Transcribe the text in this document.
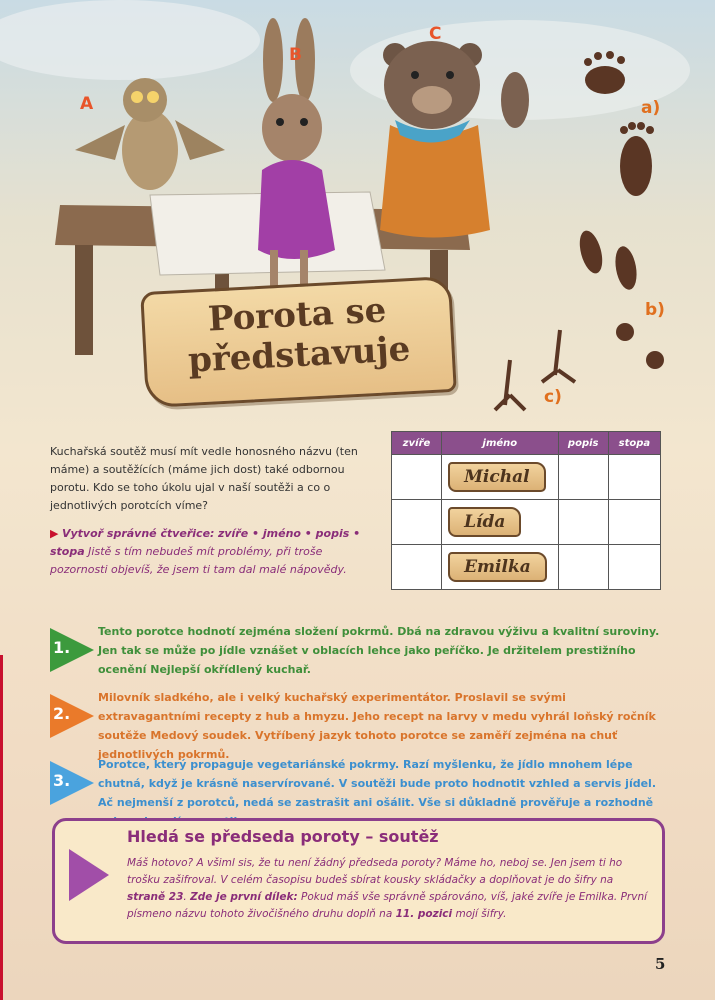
A
B
C
a)
b)
c)
Porota se
představuje
Kuchařská soutěž musí mít vedle honosného názvu (ten máme) a soutěžících (máme jich dost) také odbornou porotu. Kdo se toho úkolu ujal v naší soutěži a co o jednotlivých porotcích víme?
▶ Vytvoř správné čtveřice: zvíře • jméno • popis • stopa Jistě s tím nebudeš mít problémy, při troše pozornosti objevíš, že jsem ti tam dal malé nápovědy.
zvíře	jméno	popis	stopa
	Michal		
	Lída		
	Emilka		
1.
Tento porotce hodnotí zejména složení pokrmů. Dbá na zdravou výživu a kvalitní suroviny. Jen tak se může po jídle vznášet v oblacích lehce jako peříčko. Je držitelem prestižního ocenění Nejlepší okřídlený kuchař.
2.
Milovník sladkého, ale i velký kuchařský experimentátor. Proslavil se svými extravagantními recepty z hub a hmyzu. Jeho recept na larvy v medu vyhrál loňský ročník soutěže Medový soudek. Vytříbený jazyk tohoto porotce se zaměří zejména na chuť jednotlivých pokrmů.
3.
Porotce, který propaguje vegetariánské pokrmy. Razí myšlenku, že jídlo mnohem lépe chutná, když je krásně naservírované. V soutěži bude proto hodnotit vzhled a servis jídel. Ač nejmenší z porotců, nedá se zastrašit ani ošálit. Vše si důkladně prověřuje a rozhodně
Hledá se předseda poroty – soutěž
Máš hotovo? A všiml sis, že tu není žádný předseda poroty? Máme ho, neboj se. Jen jsem ti ho trošku zašifroval. V celém časopisu budeš sbírat kousky skládačky a doplňovat je do šifry na straně 23. Zde je první dílek: Pokud máš vše správně spárováno, víš, jaké zvíře je Emilka. První písmeno názvu tohoto živočišného druhu doplň na 11. pozici mojí šifry.
5
